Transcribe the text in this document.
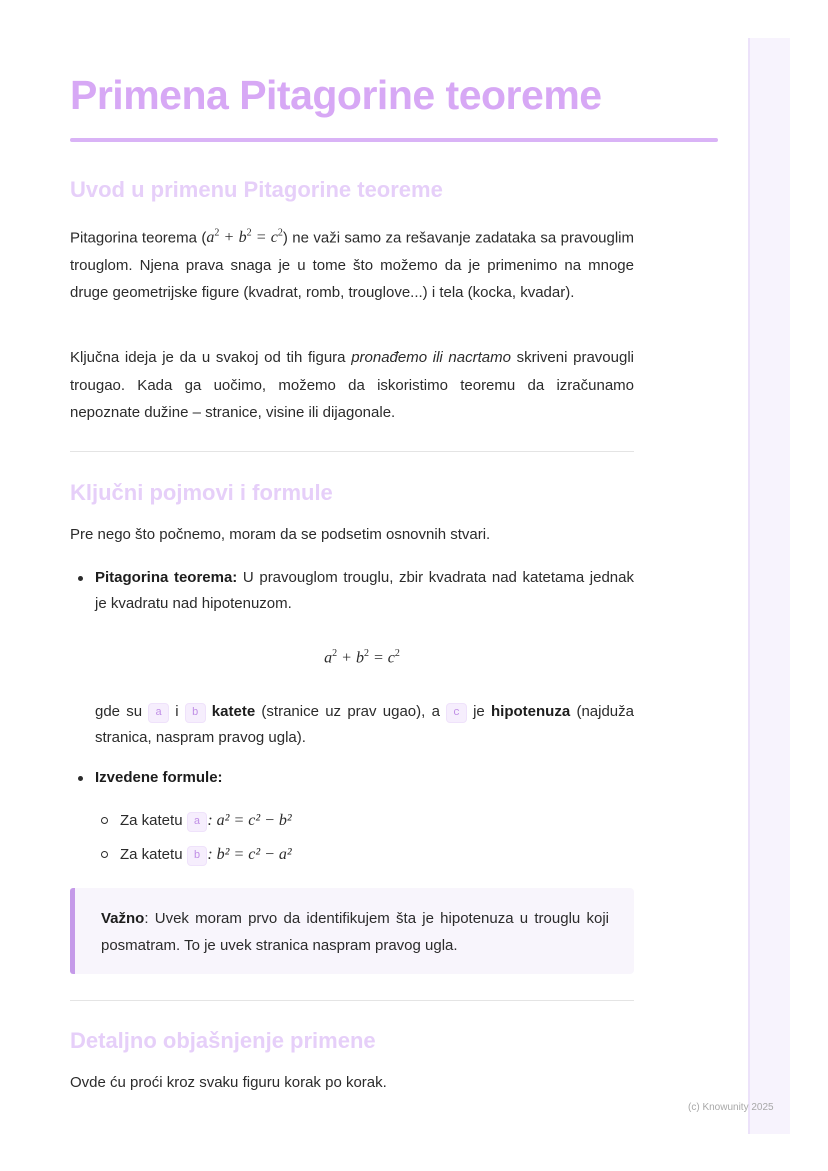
Primena Pitagorine teoreme
Uvod u primenu Pitagorine teoreme

Pitagorina teorema $(a^2 + b^2 = c^2)$ ne važi samo za rešavanje zadataka sa pravouglim trouglom. Njena prava snaga je u tome što možemo da je primenimo na mnoge druge geometrijske figure (kvadrat, romb, trouglove...) i tela (kocka, kvadar).

Ključna ideja je da u svakoj od tih figura pronađemo ili nacrtamo skriveni pravougli trougao. Kada ga uočimo, možemo da iskoristimo teoremu da izračunamo nepoznate dužine – stranice, visine ili dijagonale.

Ključni pojmovi i formule

Pre nego što počnemo, moram da se podsetim osnovnih stvari.

Pitagorina teorema: U pravouglom trouglu, zbir kvadrata nad katetama jednak je kvadratu nad hipotenuzom.

$a^2 + b^2 = c^2$

gde su a i b katete (stranice uz prav ugao), a c je hipotenuza (najduža stranica, naspram pravog ugla).

Izvedene formule:

Za katetu a : a² = c² − b²

Za katetu b : b² = c² − a²

Važno: Uvek moram prvo da identifikujem šta je hipotenuza u trouglu koji posmatram. To je uvek stranica naspram pravog ugla.

Detaljno objašnjenje primene

Ovde ću proći kroz svaku figuru korak po korak.

(c) Knowunity 2025
